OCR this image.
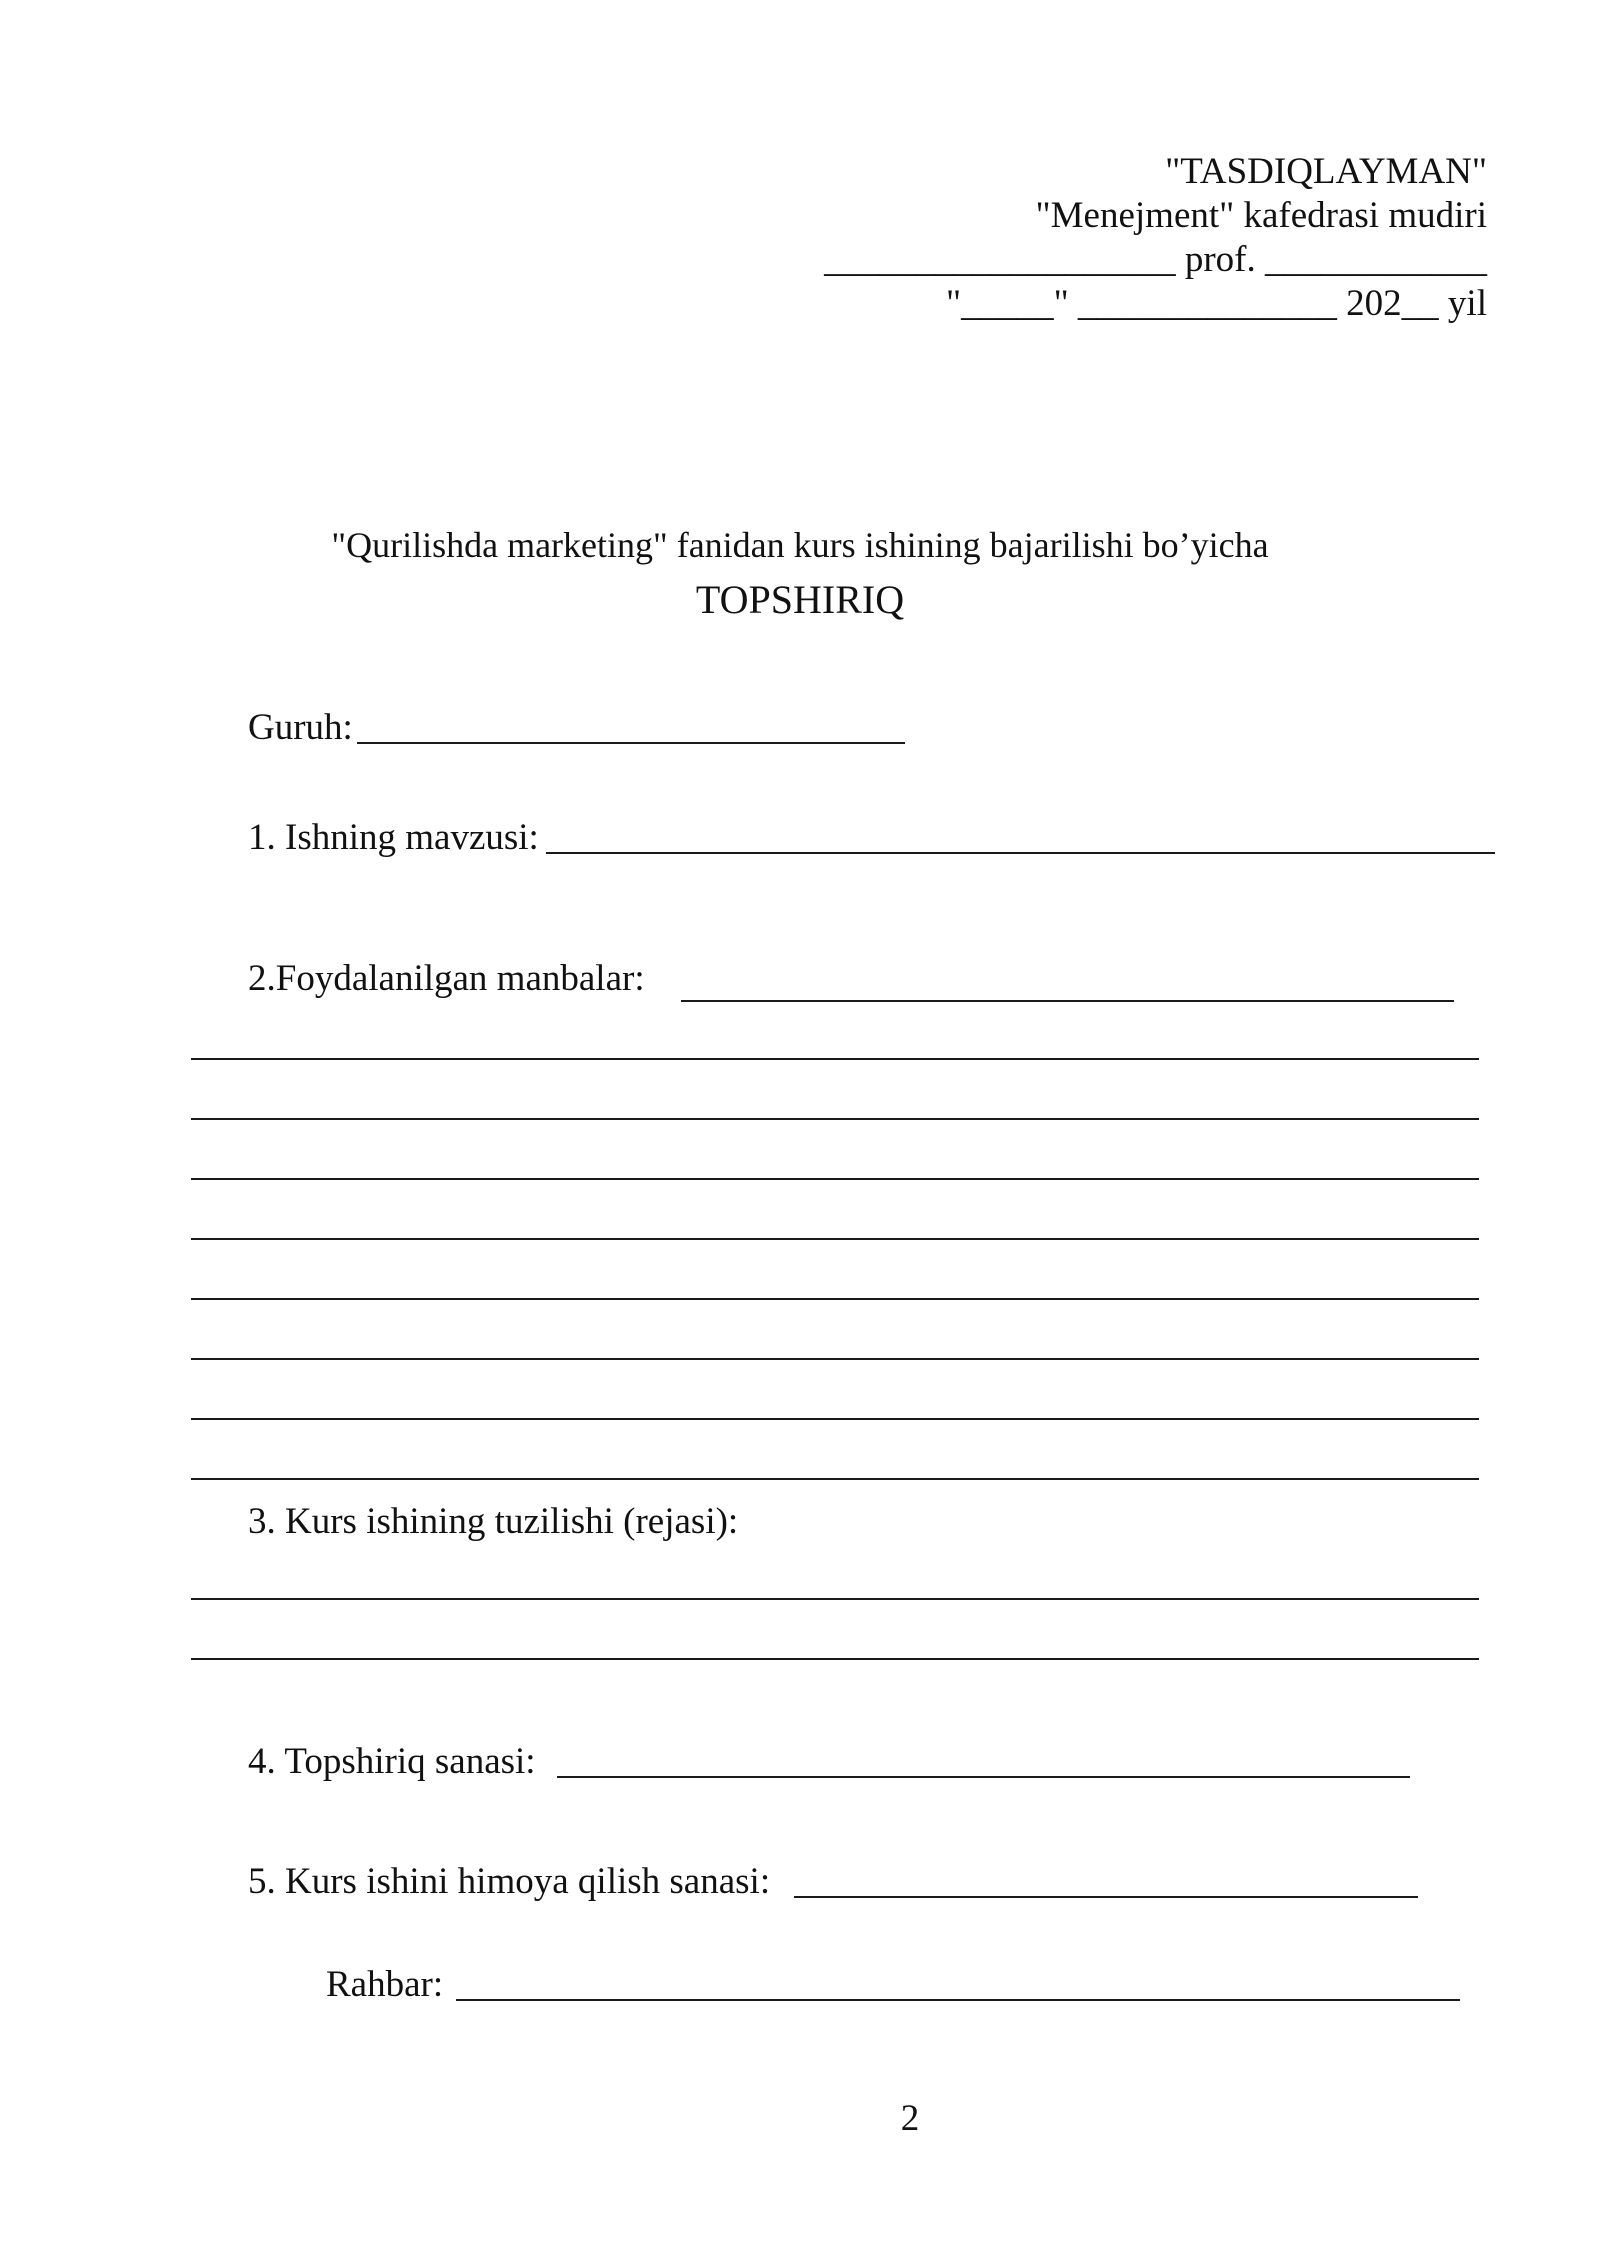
"TASDIQLAYMAN"
"Menejment" kafedrasi mudiri
___________________ prof. ____________
"_____" ______________ 202__ yil
"Qurilishda marketing" fanidan kurs ishining bajarilishi bo’yicha
TOPSHIRIQ
Guruh:
1. Ishning mavzusi:
2.Foydalanilgan manbalar:
3. Kurs ishining tuzilishi (rejasi):
4. Topshiriq sanasi:
5. Kurs ishini himoya qilish sanasi:
Rahbar:
2
